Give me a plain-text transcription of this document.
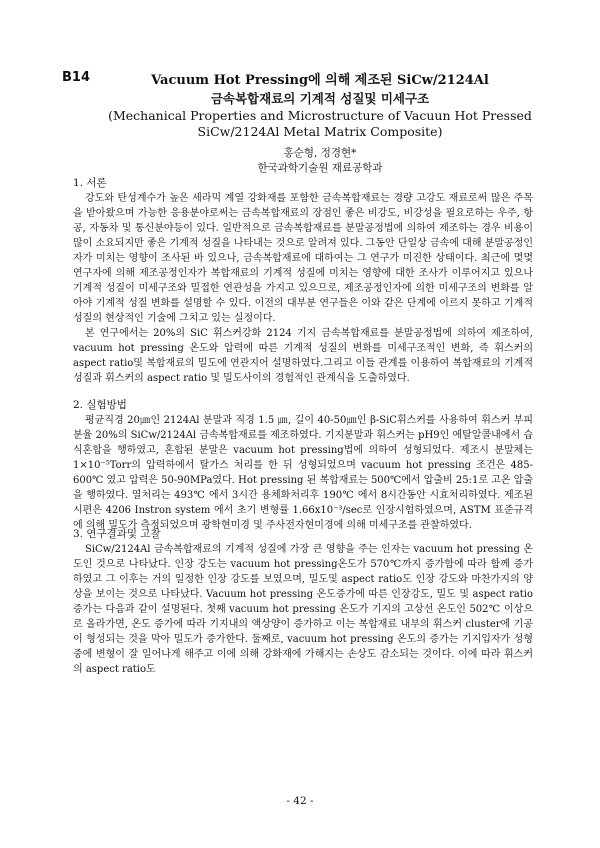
B14	Vacuum Hot Pressing에 의해 제조된 SiCw/2124Al
금속복합재료의 기계적 성질및 미세구조
(Mechanical Properties and Microstructure of Vacuun Hot Pressed
SiCw/2124Al Metal Matrix Composite)
홍순형, 정경현*
한국과학기술원 재료공학과
1. 서론

강도와 탄성계수가 높은 세라믹 계열 강화재를 포함한 금속복합재료는 경량 고강도 재료로써 많은 주목을 받아왔으며 가능한 응용분야로써는 금속복합재료의 장점인 좋은 비강도, 비강성을 필요로하는 우주, 항공, 자동차 및 통신분야등이 있다. 일반적으로 금속복합재료를 분말공정법에 의하여 제조하는 경우 비용이 많이 소요되지만 좋은 기계적 성질을 나타내는 것으로 알려져 있다. 그동안 단일상 금속에 대해 분말공정인자가 미치는 영향이 조사된 바 있으나, 금속복합재료에 대하여는 그 연구가 미진한 상태이다. 최근에 몇몇 연구자에 의해 제조공정인자가 복합재료의 기계적 성질에 미치는 영향에 대한 조사가 이루어지고 있으나 기계적 성질이 미세구조와 밀접한 연관성을 가지고 있으므로, 제조공정인자에 의한 미세구조의 변화를 알아야 기계적 성질 변화를 설명할 수 있다. 이전의 대부분 연구들은 이와 같은 단계에 이르지 못하고 기계적 성질의 현상적인 기술에 그치고 있는 실정이다.

본 연구에서는 20%의 SiC 휘스커강화 2124 기지 금속복합재료를 분말공정법에 의하여 제조하여, vacuum hot pressing 온도와 압력에 따른 기계적 성질의 변화를 미세구조적인 변화, 즉 휘스커의 aspect ratio및 복합재료의 밀도에 연관지어 설명하였다.그리고 이들 관계를 이용하여 복합재료의 기계적 성질과 휘스커의 aspect ratio 및 밀도사이의 경험적인 관계식을 도출하였다.

2. 실험방법

평균직경 20㎛인 2124Al 분말과 직경 1.5 ㎛, 길이 40-50㎛인 β-SiC휘스커를 사용하여 휘스커 부피분율 20%의 SiCw/2124Al 금속복합재료를 제조하였다. 기지분말과 휘스커는 pH9인 에탈알콜내에서 습식혼합을 행하였고, 혼합된 분말은 vacuum hot pressing법에 의하여 성형되었다. 제조시 분말체는 1×10⁻⁵Torr의 압력하에서 탈가스 처리를 한 뒤 성형되었으며 vacuum hot pressing 조건은 485-600℃ 였고 압력은 50-90MPa였다. Hot pressing 된 복합재료는 500℃에서 압출비 25:1로 고온 압출을 행하였다. 열처리는 493℃ 에서 3시간 용체화처리후 190℃ 에서 8시간동안 시효처리하였다. 제조된 시편은 4206 Instron system 에서 초기 변형률 1.66x10⁻³/sec로 인장시험하였으며, ASTM 표준규격에 의해 밀도가 측정되었으며 광학현미경 및 주사전자현미경에 의해 미세구조를 관찰하였다.

3. 연구결과및 고찰

SiCw/2124Al 금속복합재료의 기계적 성질에 가장 큰 영향을 주는 인자는 vacuum hot pressing 온도인 것으로 나타났다. 인장 강도는 vacuum hot pressing온도가 570℃까지 증가함에 따라 함께 증가하였고 그 이후는 거의 일정한 인장 강도를 보였으며, 밀도및 aspect ratio도 인장 강도와 마찬가지의 양상을 보이는 것으로 나타났다. Vacuum hot pressing 온도증가에 따른 인장강도, 밀도 및 aspect ratio 증가는 다음과 같이 설명된다. 첫째 vacuum hot pressing 온도가 기지의 고상선 온도인 502℃ 이상으로 올라가면, 온도 증가에 따라 기지내의 액상양이 증가하고 이는 복합재료 내부의 휘스커 cluster에 기공이 형성되는 것을 막아 밀도가 증가한다. 둘째로, vacuum hot pressing 온도의 증가는 기지입자가 성형중에 변형이 잘 일어나게 해주고 이에 의해 강화재에 가해지는 손상도 감소되는 것이다. 이에 따라 휘스커의 aspect ratio도

- 42 -
